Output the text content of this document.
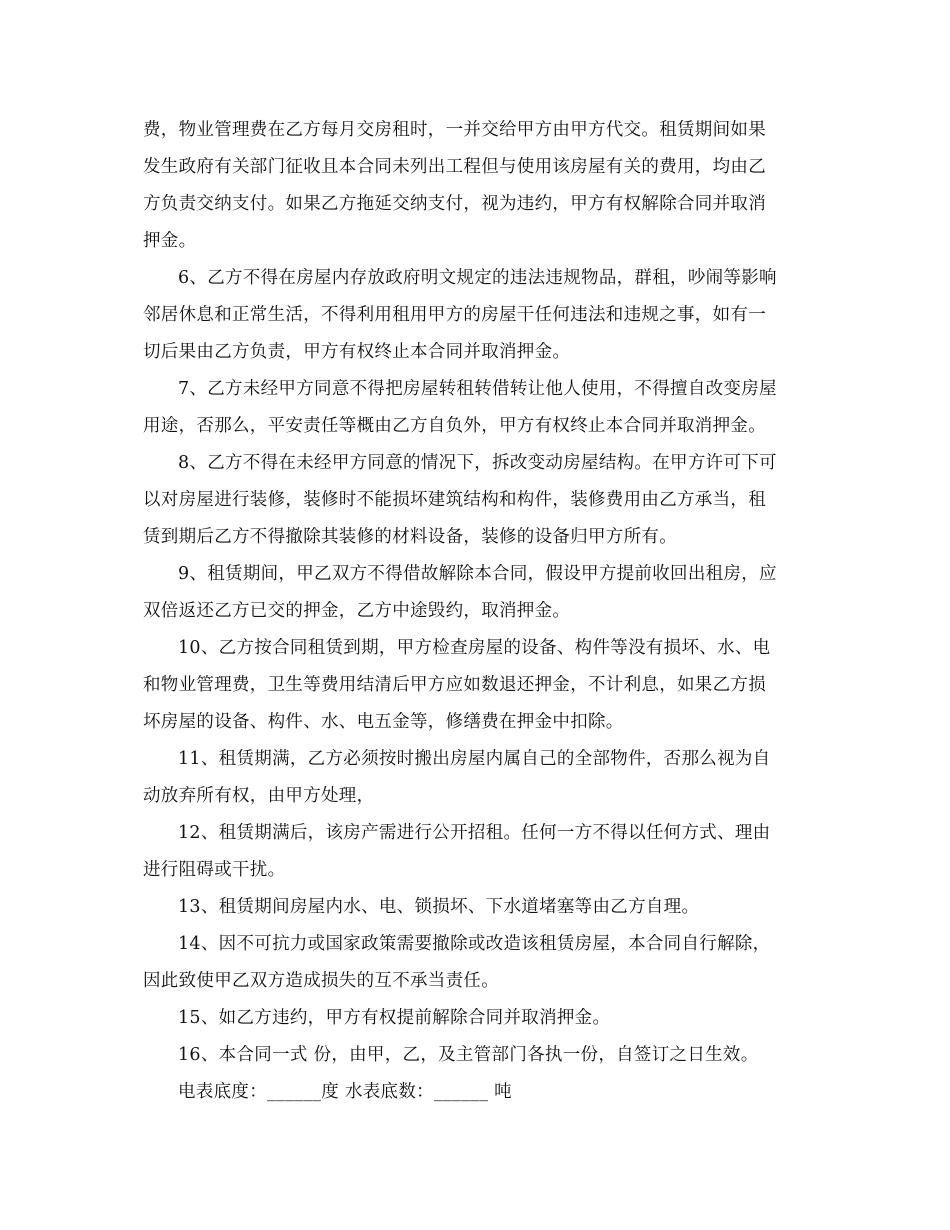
费，物业管理费在乙方每月交房租时，一并交给甲方由甲方代交。租赁期间如果
发生政府有关部门征收且本合同未列出工程但与使用该房屋有关的费用，均由乙
方负责交纳支付。如果乙方拖延交纳支付，视为违约，甲方有权解除合同并取消
押金。
6、乙方不得在房屋内存放政府明文规定的违法违规物品，群租，吵闹等影响
邻居休息和正常生活，不得利用租用甲方的房屋干任何违法和违规之事，如有一
切后果由乙方负责，甲方有权终止本合同并取消押金。
7、乙方未经甲方同意不得把房屋转租转借转让他人使用，不得擅自改变房屋
用途，否那么，平安责任等概由乙方自负外，甲方有权终止本合同并取消押金。
8、乙方不得在未经甲方同意的情况下，拆改变动房屋结构。在甲方许可下可
以对房屋进行装修，装修时不能损坏建筑结构和构件，装修费用由乙方承当，租
赁到期后乙方不得撤除其装修的材料设备，装修的设备归甲方所有。
9、租赁期间，甲乙双方不得借故解除本合同，假设甲方提前收回出租房，应
双倍返还乙方已交的押金，乙方中途毁约，取消押金。
10、乙方按合同租赁到期，甲方检查房屋的设备、构件等没有损坏、水、电
和物业管理费，卫生等费用结清后甲方应如数退还押金，不计利息，如果乙方损
坏房屋的设备、构件、水、电五金等，修缮费在押金中扣除。
11、租赁期满，乙方必须按时搬出房屋内属自己的全部物件，否那么视为自
动放弃所有权，由甲方处理，
12、租赁期满后，该房产需进行公开招租。任何一方不得以任何方式、理由
进行阻碍或干扰。
13、租赁期间房屋内水、电、锁损坏、下水道堵塞等由乙方自理。
14、因不可抗力或国家政策需要撤除或改造该租赁房屋，本合同自行解除，
因此致使甲乙双方造成损失的互不承当责任。
15、如乙方违约，甲方有权提前解除合同并取消押金。
16、本合同一式 份，由甲，乙，及主管部门各执一份，自签订之日生效。
电表底度：______度 水表底数：______ 吨
